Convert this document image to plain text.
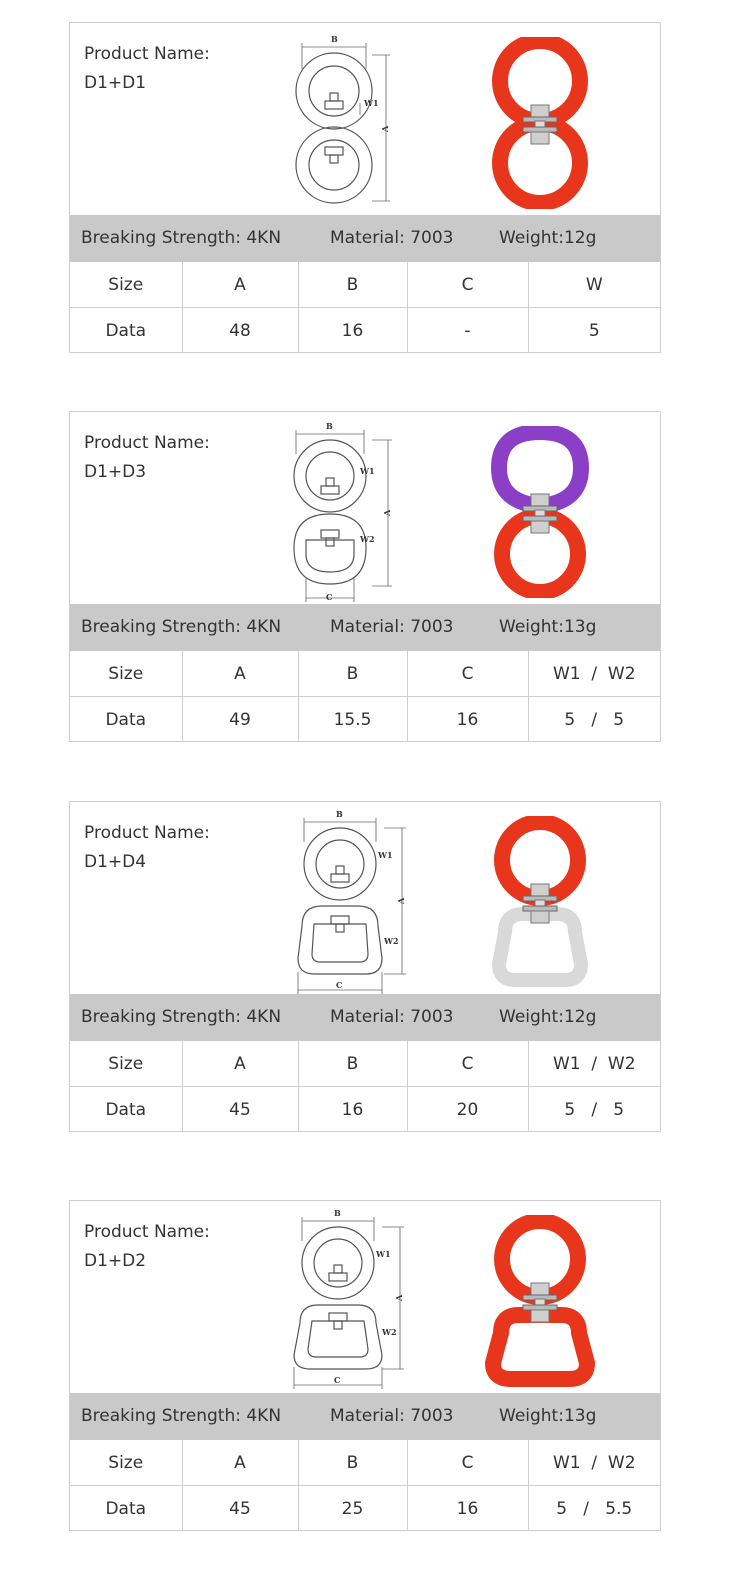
Product Name:
D1+D1
B
A
W1
Breaking Strength: 4KN	Material: 7003	Weight:12g
Size	A	B	C	W
Data	48	16	-	5
Product Name:
D1+D3
B
A
W1
W2
C
Breaking Strength: 4KN	Material: 7003	Weight:13g
Size	A	B	C	W1  /  W2
Data	49	15.5	16	5   /   5
Product Name:
D1+D4
B
A
W1
W2
C
Breaking Strength: 4KN	Material: 7003	Weight:12g
Size	A	B	C	W1  /  W2
Data	45	16	20	5   /   5
Product Name:
D1+D2
B
A
W1
W2
C
Breaking Strength: 4KN	Material: 7003	Weight:13g
Size	A	B	C	W1  /  W2
Data	45	25	16	5   /   5.5
